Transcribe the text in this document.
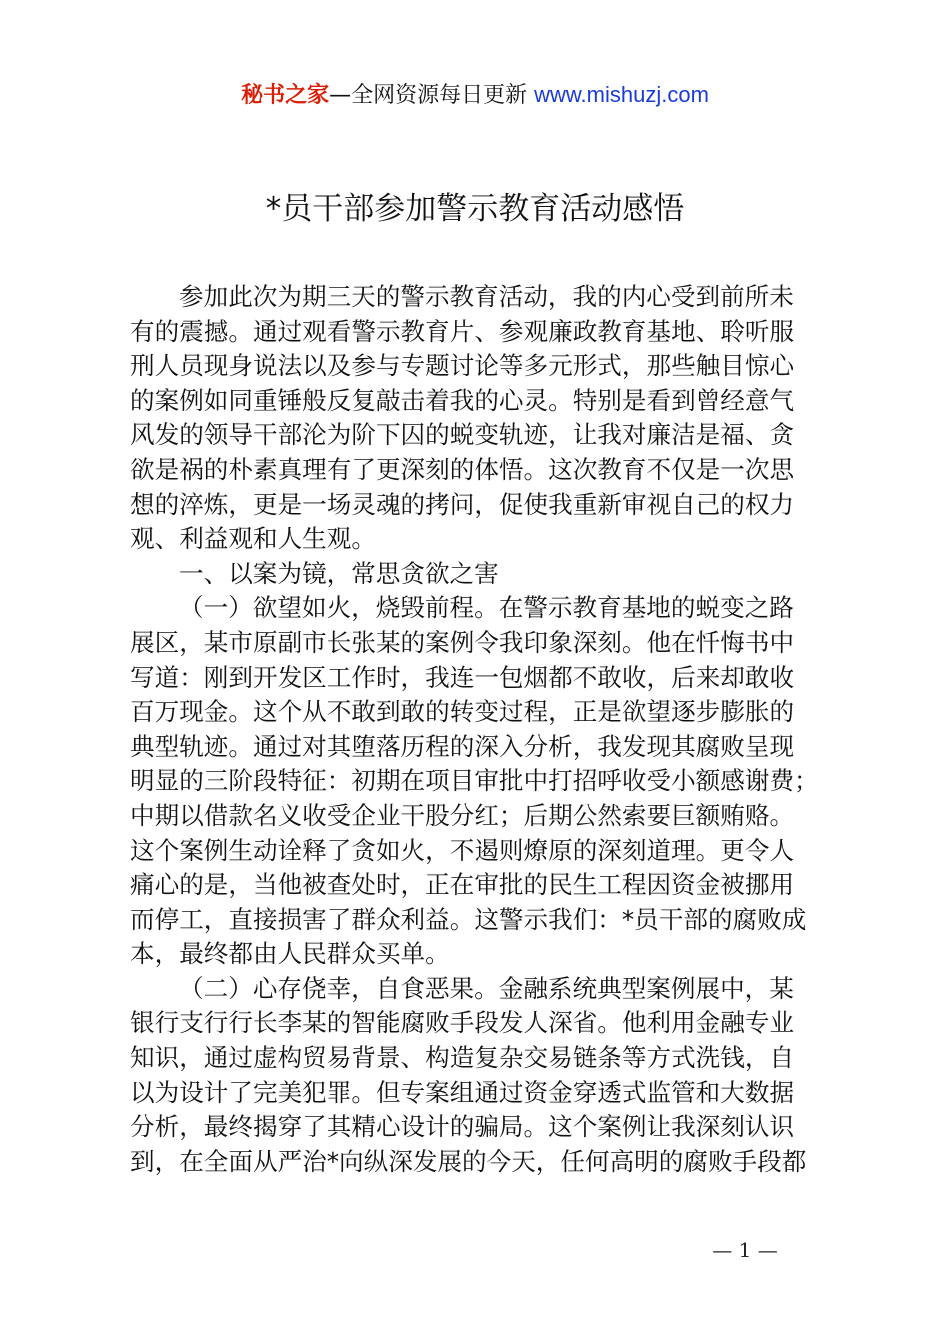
秘书之家—全网资源每日更新 www.mishuzj.com
*员干部参加警示教育活动感悟
参加此次为期三天的警示教育活动，我的内心受到前所未
有的震撼。通过观看警示教育片、参观廉政教育基地、聆听服
刑人员现身说法以及参与专题讨论等多元形式，那些触目惊心
的案例如同重锤般反复敲击着我的心灵。特别是看到曾经意气
风发的领导干部沦为阶下囚的蜕变轨迹，让我对廉洁是福、贪
欲是祸的朴素真理有了更深刻的体悟。这次教育不仅是一次思
想的淬炼，更是一场灵魂的拷问，促使我重新审视自己的权力
观、利益观和人生观。
一、以案为镜，常思贪欲之害
（一）欲望如火，烧毁前程。在警示教育基地的蜕变之路
展区，某市原副市长张某的案例令我印象深刻。他在忏悔书中
写道：刚到开发区工作时，我连一包烟都不敢收，后来却敢收
百万现金。这个从不敢到敢的转变过程，正是欲望逐步膨胀的
典型轨迹。通过对其堕落历程的深入分析，我发现其腐败呈现
明显的三阶段特征：初期在项目审批中打招呼收受小额感谢费；
中期以借款名义收受企业干股分红；后期公然索要巨额贿赂。
这个案例生动诠释了贪如火，不遏则燎原的深刻道理。更令人
痛心的是，当他被查处时，正在审批的民生工程因资金被挪用
而停工，直接损害了群众利益。这警示我们：*员干部的腐败成
本，最终都由人民群众买单。
（二）心存侥幸，自食恶果。金融系统典型案例展中，某
银行支行行长李某的智能腐败手段发人深省。他利用金融专业
知识，通过虚构贸易背景、构造复杂交易链条等方式洗钱，自
以为设计了完美犯罪。但专案组通过资金穿透式监管和大数据
分析，最终揭穿了其精心设计的骗局。这个案例让我深刻认识
到，在全面从严治*向纵深发展的今天，任何高明的腐败手段都
— 1 —
